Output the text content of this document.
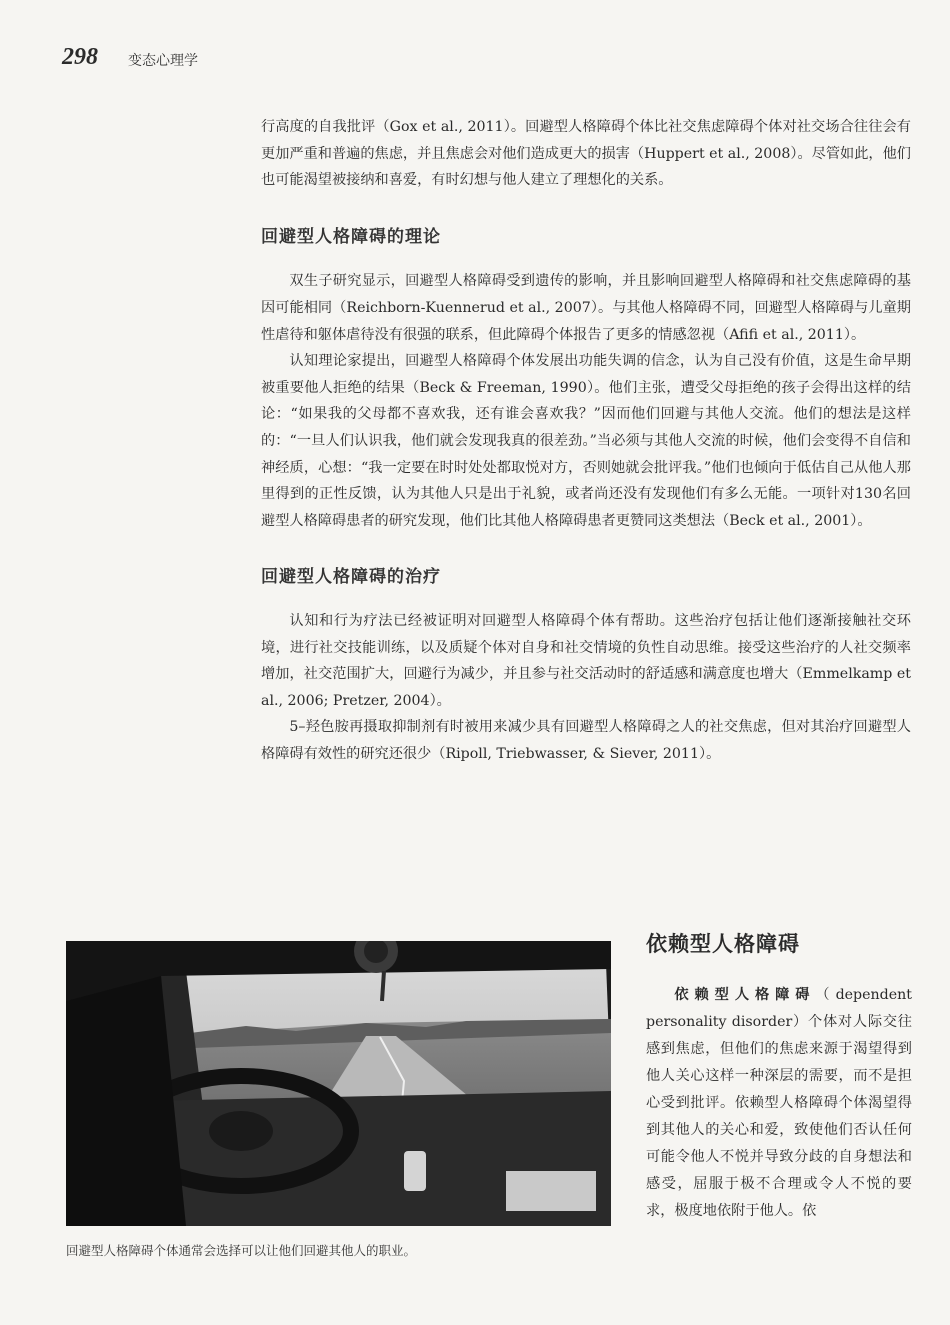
298 变态心理学

行高度的自我批评（Gox et al., 2011）。回避型人格障碍个体比社交焦虑障碍个体对社交场合往往会有更加严重和普遍的焦虑，并且焦虑会对他们造成更大的损害（Huppert et al., 2008）。尽管如此，他们也可能渴望被接纳和喜爱，有时幻想与他人建立了理想化的关系。

回避型人格障碍的理论

双生子研究显示，回避型人格障碍受到遗传的影响，并且影响回避型人格障碍和社交焦虑障碍的基因可能相同（Reichborn-Kuennerud et al., 2007）。与其他人格障碍不同，回避型人格障碍与儿童期性虐待和躯体虐待没有很强的联系，但此障碍个体报告了更多的情感忽视（Afifi et al., 2011）。

认知理论家提出，回避型人格障碍个体发展出功能失调的信念，认为自己没有价值，这是生命早期被重要他人拒绝的结果（Beck & Freeman, 1990）。他们主张，遭受父母拒绝的孩子会得出这样的结论：“如果我的父母都不喜欢我，还有谁会喜欢我？”因而他们回避与其他人交流。他们的想法是这样的：“一旦人们认识我，他们就会发现我真的很差劲。”当必须与其他人交流的时候，他们会变得不自信和神经质，心想：“我一定要在时时处处都取悦对方，否则她就会批评我。”他们也倾向于低估自己从他人那里得到的正性反馈，认为其他人只是出于礼貌，或者尚还没有发现他们有多么无能。一项针对130名回避型人格障碍患者的研究发现，他们比其他人格障碍患者更赞同这类想法（Beck et al., 2001）。

回避型人格障碍的治疗

认知和行为疗法已经被证明对回避型人格障碍个体有帮助。这些治疗包括让他们逐渐接触社交环境，进行社交技能训练，以及质疑个体对自身和社交情境的负性自动思维。接受这些治疗的人社交频率增加，社交范围扩大，回避行为减少，并且参与社交活动时的舒适感和满意度也增大（Emmelkamp et al., 2006; Pretzer, 2004）。

5–羟色胺再摄取抑制剂有时被用来减少具有回避型人格障碍之人的社交焦虑，但对其治疗回避型人格障碍有效性的研究还很少（Ripoll, Triebwasser, & Siever, 2011）。

回避型人格障碍个体通常会选择可以让他们回避其他人的职业。
依赖型人格障碍

依赖型人格障碍（dependent personality disorder）个体对人际交往感到焦虑，但他们的焦虑来源于渴望得到他人关心这样一种深层的需要，而不是担心受到批评。依赖型人格障碍个体渴望得到其他人的关心和爱，致使他们否认任何可能令他人不悦并导致分歧的自身想法和感受，屈服于极不合理或令人不悦的要求，极度地依附于他人。依
